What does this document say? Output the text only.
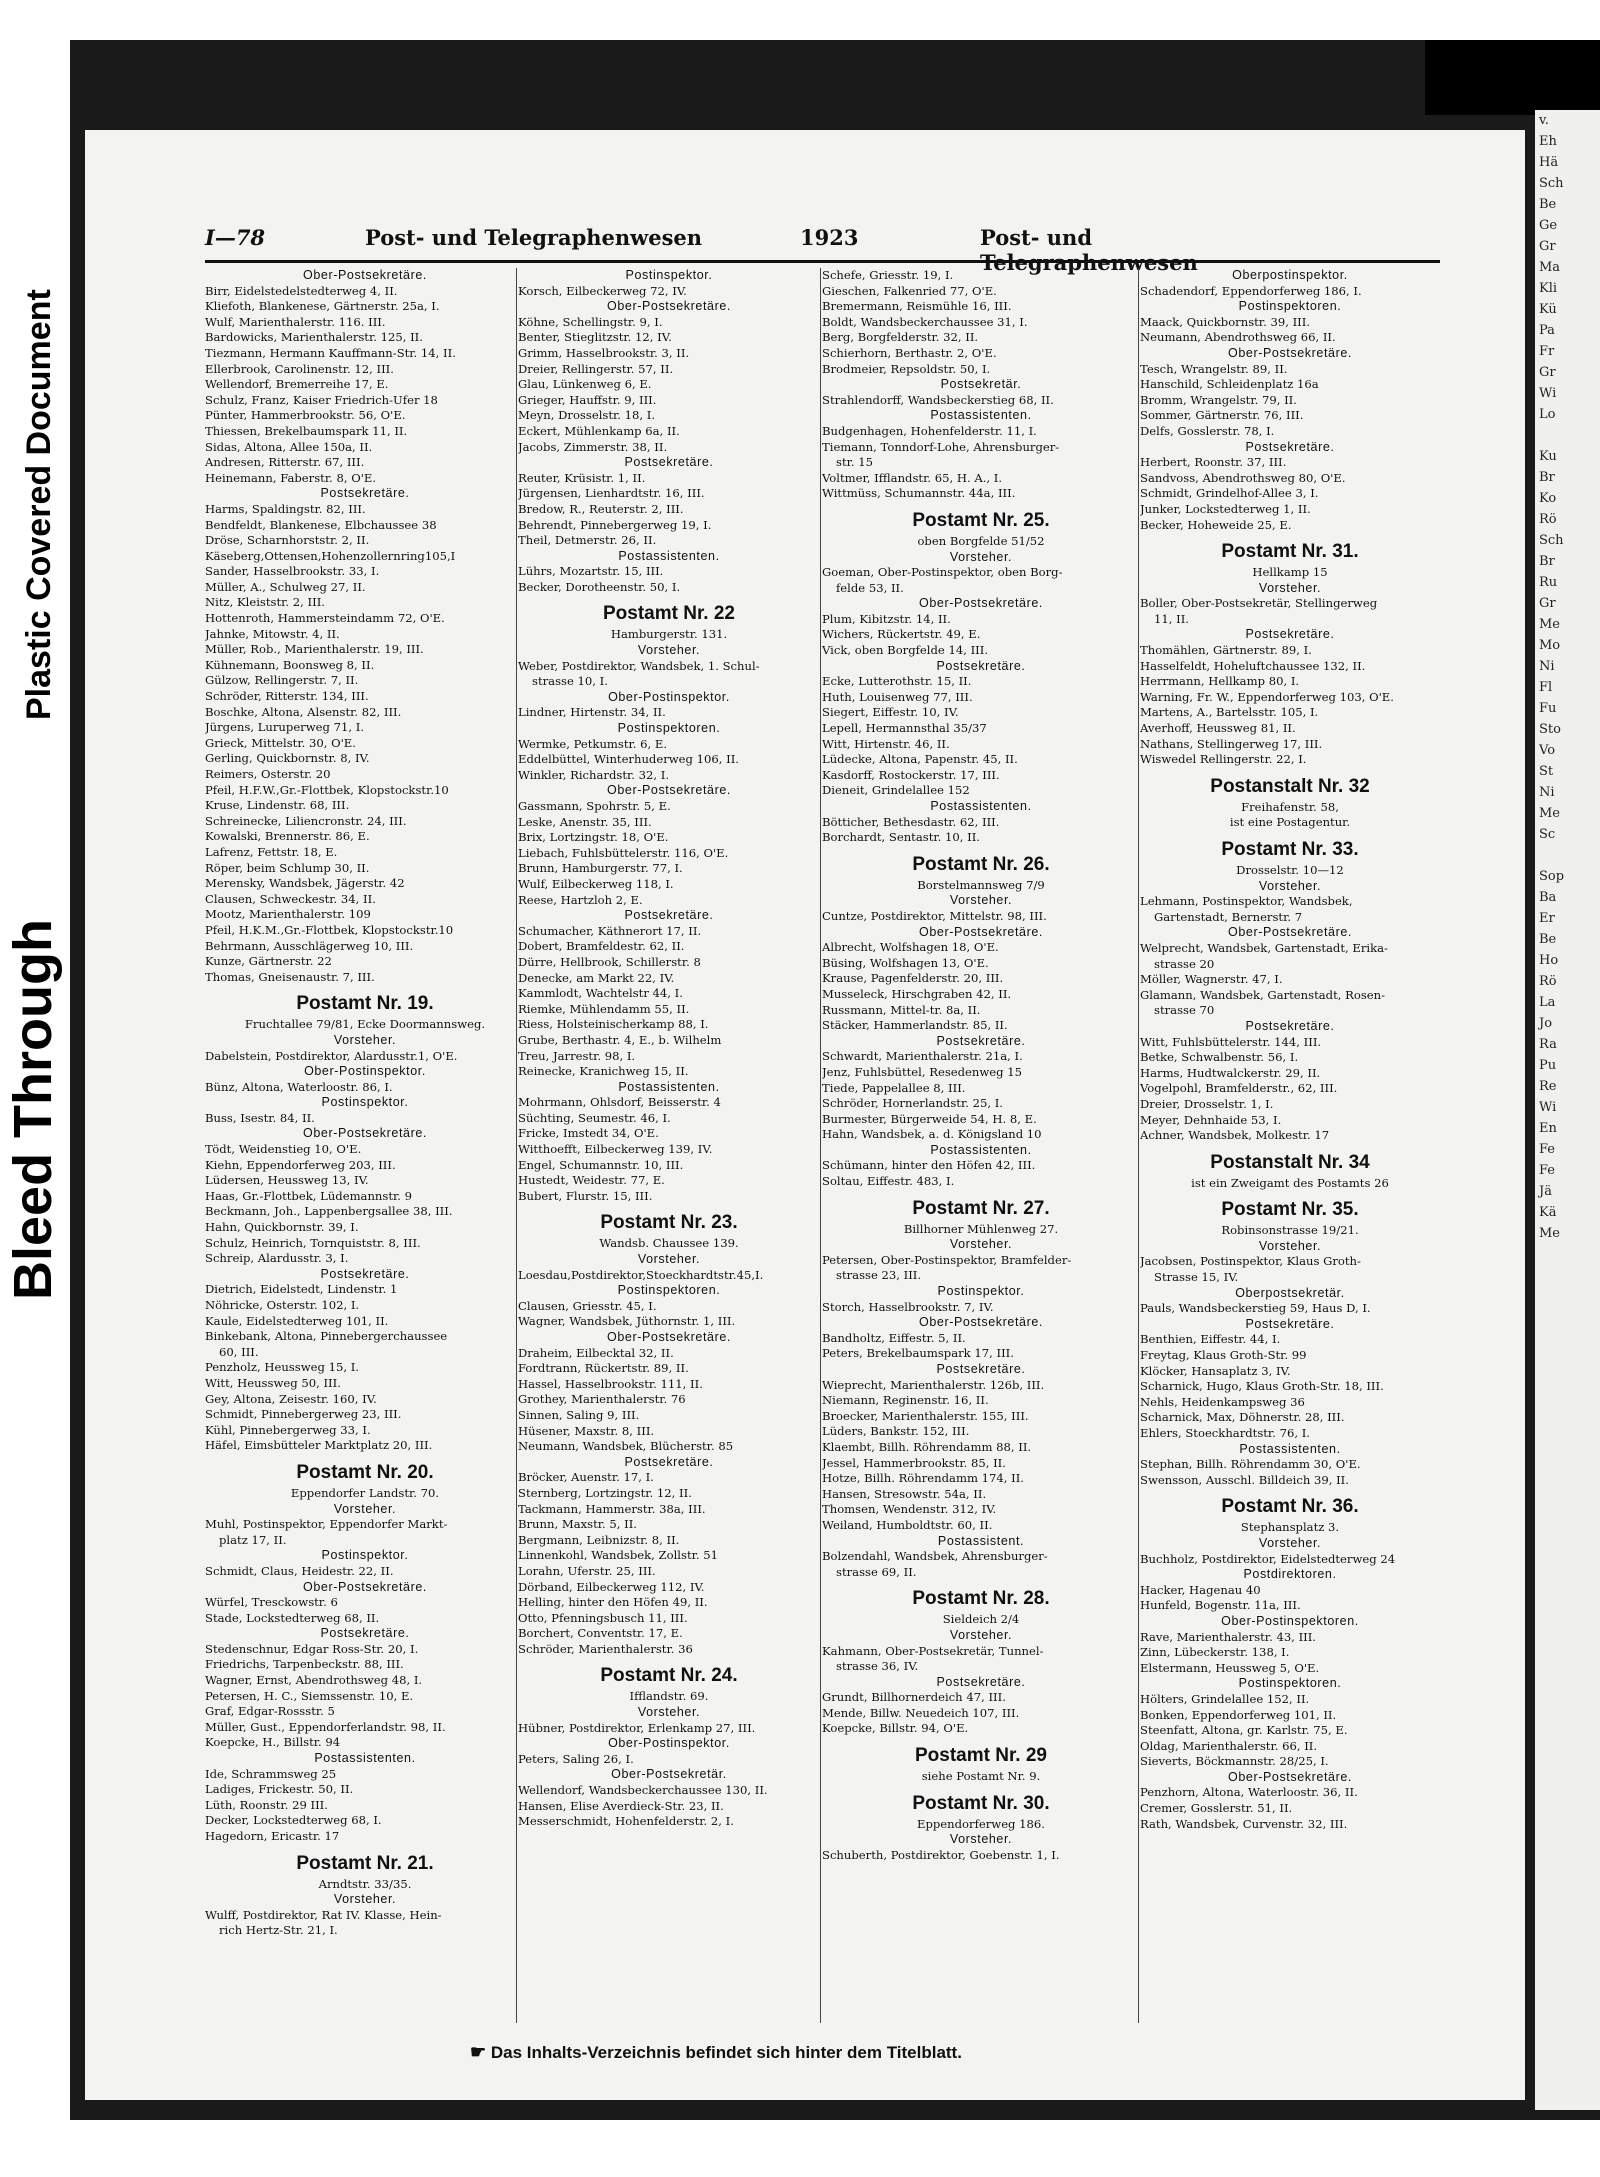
Plastic Covered Document
Bleed Through
v.
Eh
Hä
Sch
Be
Ge
Gr
Ma
Kli
Kü
Pa
Fr
Gr
Wi
Lo

Ku
Br
Ko
Rö
Sch
Br
Ru
Gr
Me
Mo
Ni
Fl
Fu
Sto
Vo
St
Ni
Me
Sc

Sop
Ba
Er
Be
Ho
Rö
La
Jo
Ra
Pu
Re
Wi
En
Fe
Fe
Jä
Kä
Me
I—78	Post- und Telegraphenwesen	1923	Post- und
Ober-Postsekretäre.
Birr, Eidelstedelstedterweg 4, II.
Kliefoth, Blankenese, Gärtnerstr. 25a, I.
Wulf, Marienthalerstr. 116. III.
Bardowicks, Marienthalerstr. 125, II.
Tiezmann, Hermann Kauffmann-Str. 14, II.
Ellerbrook, Carolinenstr. 12, III.
Wellendorf, Bremerreihe 17, E.
Schulz, Franz, Kaiser Friedrich-Ufer 18
Pünter, Hammerbrookstr. 56, O'E.
Thiessen, Brekelbaumspark 11, II.
Sidas, Altona, Allee 150a, II.
Andresen, Ritterstr. 67, III.
Heinemann, Faberstr. 8, O'E.
Postsekretäre.
Harms, Spaldingstr. 82, III.
Bendfeldt, Blankenese, Elbchaussee 38
Dröse, Scharnhorststr. 2, II.
Käseberg,Ottensen,Hohenzollernring105,I
Sander, Hasselbrookstr. 33, I.
Müller, A., Schulweg 27, II.
Nitz, Kleiststr. 2, III.
Hottenroth, Hammersteindamm 72, O'E.
Jahnke, Mitowstr. 4, II.
Müller, Rob., Marienthalerstr. 19, III.
Kühnemann, Boonsweg 8, II.
Gülzow, Rellingerstr. 7, II.
Schröder, Ritterstr. 134, III.
Boschke, Altona, Alsenstr. 82, III.
Jürgens, Luruperweg 71, I.
Grieck, Mittelstr. 30, O'E.
Gerling, Quickbornstr. 8, IV.
Reimers, Osterstr. 20
Pfeil, H.F.W.,Gr.-Flottbek, Klopstockstr.10
Kruse, Lindenstr. 68, III.
Schreinecke, Liliencronstr. 24, III.
Kowalski, Brennerstr. 86, E.
Lafrenz, Fettstr. 18, E.
Röper, beim Schlump 30, II.
Merensky, Wandsbek, Jägerstr. 42
Clausen, Schweckestr. 34, II.
Mootz, Marienthalerstr. 109
Pfeil, H.K.M.,Gr.-Flottbek, Klopstockstr.10
Behrmann, Ausschlägerweg 10, III.
Kunze, Gärtnerstr. 22
Thomas, Gneisenaustr. 7, III.
Postamt Nr. 19.
Fruchtallee 79/81, Ecke Doormannsweg.
Vorsteher.
Dabelstein, Postdirektor, Alardusstr.1, O'E.
Ober-Postinspektor.
Bünz, Altona, Waterloostr. 86, I.
Postinspektor.
Buss, Isestr. 84, II.
Ober-Postsekretäre.
Tödt, Weidenstieg 10, O'E.
Kiehn, Eppendorferweg 203, III.
Lüdersen, Heussweg 13, IV.
Haas, Gr.-Flottbek, Lüdemannstr. 9
Beckmann, Joh., Lappenbergsallee 38, III.
Hahn, Quickbornstr. 39, I.
Schulz, Heinrich, Tornquiststr. 8, III.
Schreip, Alardusstr. 3, I.
Postsekretäre.
Dietrich, Eidelstedt, Lindenstr. 1
Nöhricke, Osterstr. 102, I.
Kaule, Eidelstedterweg 101, II.
Binkebank, Altona, Pinnebergerchaussee
60, III.
Penzholz, Heussweg 15, I.
Witt, Heussweg 50, III.
Gey, Altona, Zeisestr. 160, IV.
Schmidt, Pinnebergerweg 23, III.
Kühl, Pinnebergerweg 33, I.
Häfel, Eimsbütteler Marktplatz 20, III.
Postamt Nr. 20.
Eppendorfer Landstr. 70.
Vorsteher.
Muhl, Postinspektor, Eppendorfer Markt-
platz 17, II.
Postinspektor.
Schmidt, Claus, Heidestr. 22, II.
Ober-Postsekretäre.
Würfel, Tresckowstr. 6
Stade, Lockstedterweg 68, II.
Postsekretäre.
Stedenschnur, Edgar Ross-Str. 20, I.
Friedrichs, Tarpenbeckstr. 88, III.
Wagner, Ernst, Abendrothsweg 48, I.
Petersen, H. C., Siemssenstr. 10, E.
Graf, Edgar-Rossstr. 5
Müller, Gust., Eppendorferlandstr. 98, II.
Koepcke, H., Billstr. 94
Postassistenten.
Ide, Schrammsweg 25
Ladiges, Frickestr. 50, II.
Lüth, Roonstr. 29 III.
Decker, Lockstedterweg 68, I.
Hagedorn, Ericastr. 17
Postamt Nr. 21.
Arndtstr. 33/35.
Vorsteher.
Wulff, Postdirektor, Rat IV. Klasse, Hein-
rich Hertz-Str. 21, I.
Postinspektor.
Korsch, Eilbeckerweg 72, IV.
Ober-Postsekretäre.
Köhne, Schellingstr. 9, I.
Benter, Stieglitzstr. 12, IV.
Grimm, Hasselbrookstr. 3, II.
Dreier, Rellingerstr. 57, II.
Glau, Lünkenweg 6, E.
Grieger, Hauffstr. 9, III.
Meyn, Drosselstr. 18, I.
Eckert, Mühlenkamp 6a, II.
Jacobs, Zimmerstr. 38, II.
Postsekretäre.
Reuter, Krüsistr. 1, II.
Jürgensen, Lienhardtstr. 16, III.
Bredow, R., Reuterstr. 2, III.
Behrendt, Pinnebergerweg 19, I.
Theil, Detmerstr. 26, II.
Postassistenten.
Lührs, Mozartstr. 15, III.
Becker, Dorotheenstr. 50, I.
Postamt Nr. 22
Hamburgerstr. 131.
Vorsteher.
Weber, Postdirektor, Wandsbek, 1. Schul-
strasse 10, I.
Ober-Postinspektor.
Lindner, Hirtenstr. 34, II.
Postinspektoren.
Wermke, Petkumstr. 6, E.
Eddelbüttel, Winterhuderweg 106, II.
Winkler, Richardstr. 32, I.
Ober-Postsekretäre.
Gassmann, Spohrstr. 5, E.
Leske, Anenstr. 35, III.
Brix, Lortzingstr. 18, O'E.
Liebach, Fuhlsbüttelerstr. 116, O'E.
Brunn, Hamburgerstr. 77, I.
Wulf, Eilbeckerweg 118, I.
Reese, Hartzloh 2, E.
Postsekretäre.
Schumacher, Käthnerort 17, II.
Dobert, Bramfeldestr. 62, II.
Dürre, Hellbrook, Schillerstr. 8
Denecke, am Markt 22, IV.
Kammlodt, Wachtelstr 44, I.
Riemke, Mühlendamm 55, II.
Riess, Holsteinischerkamp 88, I.
Grube, Berthastr. 4, E., b. Wilhelm
Treu, Jarrestr. 98, I.
Reinecke, Kranichweg 15, II.
Postassistenten.
Mohrmann, Ohlsdorf, Beisserstr. 4
Süchting, Seumestr. 46, I.
Fricke, Imstedt 34, O'E.
Witthoefft, Eilbeckerweg 139, IV.
Engel, Schumannstr. 10, III.
Hustedt, Weidestr. 77, E.
Bubert, Flurstr. 15, III.
Postamt Nr. 23.
Wandsb. Chaussee 139.
Vorsteher.
Loesdau,Postdirektor,Stoeckhardtstr.45,I.
Postinspektoren.
Clausen, Griesstr. 45, I.
Wagner, Wandsbek, Jüthornstr. 1, III.
Ober-Postsekretäre.
Draheim, Eilbecktal 32, II.
Fordtrann, Rückertstr. 89, II.
Hassel, Hasselbrookstr. 111, II.
Grothey, Marienthalerstr. 76
Sinnen, Saling 9, III.
Hüsener, Maxstr. 8, III.
Neumann, Wandsbek, Blücherstr. 85
Postsekretäre.
Bröcker, Auenstr. 17, I.
Sternberg, Lortzingstr. 12, II.
Tackmann, Hammerstr. 38a, III.
Brunn, Maxstr. 5, II.
Bergmann, Leibnizstr. 8, II.
Linnenkohl, Wandsbek, Zollstr. 51
Lorahn, Uferstr. 25, III.
Dörband, Eilbeckerweg 112, IV.
Helling, hinter den Höfen 49, II.
Otto, Pfenningsbusch 11, III.
Borchert, Conventstr. 17, E.
Schröder, Marienthalerstr. 36
Postamt Nr. 24.
Ifflandstr. 69.
Vorsteher.
Hübner, Postdirektor, Erlenkamp 27, III.
Ober-Postinspektor.
Peters, Saling 26, I.
Ober-Postsekretär.
Wellendorf, Wandsbeckerchaussee 130, II.
Hansen, Elise Averdieck-Str. 23, II.
Messerschmidt, Hohenfelderstr. 2, I.
Schefe, Griesstr. 19, I.
Gieschen, Falkenried 77, O'E.
Bremermann, Reismühle 16, III.
Boldt, Wandsbeckerchaussee 31, I.
Berg, Borgfelderstr. 32, II.
Schierhorn, Berthastr. 2, O'E.
Brodmeier, Repsoldstr. 50, I.
Postsekretär.
Strahlendorff, Wandsbeckerstieg 68, II.
Postassistenten.
Budgenhagen, Hohenfelderstr. 11, I.
Tiemann, Tonndorf-Lohe, Ahrensburger-
str. 15
Voltmer, Ifflandstr. 65, H. A., I.
Wittmüss, Schumannstr. 44a, III.
Postamt Nr. 25.
oben Borgfelde 51/52
Vorsteher.
Goeman, Ober-Postinspektor, oben Borg-
felde 53, II.
Ober-Postsekretäre.
Plum, Kibitzstr. 14, II.
Wichers, Rückertstr. 49, E.
Vick, oben Borgfelde 14, III.
Postsekretäre.
Ecke, Lutterothstr. 15, II.
Huth, Louisenweg 77, III.
Siegert, Eiffestr. 10, IV.
Lepell, Hermannsthal 35/37
Witt, Hirtenstr. 46, II.
Lüdecke, Altona, Papenstr. 45, II.
Kasdorff, Rostockerstr. 17, III.
Dieneit, Grindelallee 152
Postassistenten.
Bötticher, Bethesdastr. 62, III.
Borchardt, Sentastr. 10, II.
Postamt Nr. 26.
Borstelmannsweg 7/9
Vorsteher.
Cuntze, Postdirektor, Mittelstr. 98, III.
Ober-Postsekretäre.
Albrecht, Wolfshagen 18, O'E.
Büsing, Wolfshagen 13, O'E.
Krause, Pagenfelderstr. 20, III.
Musseleck, Hirschgraben 42, II.
Russmann, Mittel-tr. 8a, II.
Stäcker, Hammerlandstr. 85, II.
Postsekretäre.
Schwardt, Marienthalerstr. 21a, I.
Jenz, Fuhlsbüttel, Resedenweg 15
Tiede, Pappelallee 8, III.
Schröder, Hornerlandstr. 25, I.
Burmester, Bürgerweide 54, H. 8, E.
Hahn, Wandsbek, a. d. Königsland 10
Postassistenten.
Schümann, hinter den Höfen 42, III.
Soltau, Eiffestr. 483, I.
Postamt Nr. 27.
Billhorner Mühlenweg 27.
Vorsteher.
Petersen, Ober-Postinspektor, Bramfelder-
strasse 23, III.
Postinspektor.
Storch, Hasselbrookstr. 7, IV.
Ober-Postsekretäre.
Bandholtz, Eiffestr. 5, II.
Peters, Brekelbaumspark 17, III.
Postsekretäre.
Wieprecht, Marienthalerstr. 126b, III.
Niemann, Reginenstr. 16, II.
Broecker, Marienthalerstr. 155, III.
Lüders, Bankstr. 152, III.
Klaembt, Billh. Röhrendamm 88, II.
Jessel, Hammerbrookstr. 85, II.
Hotze, Billh. Röhrendamm 174, II.
Hansen, Stresowstr. 54a, II.
Thomsen, Wendenstr. 312, IV.
Weiland, Humboldtstr. 60, II.
Postassistent.
Bolzendahl, Wandsbek, Ahrensburger-
strasse 69, II.
Postamt Nr. 28.
Sieldeich 2/4
Vorsteher.
Kahmann, Ober-Postsekretär, Tunnel-
strasse 36, IV.
Postsekretäre.
Grundt, Billhornerdeich 47, III.
Mende, Billw. Neuedeich 107, III.
Koepcke, Billstr. 94, O'E.
Postamt Nr. 29
siehe Postamt Nr. 9.
Postamt Nr. 30.
Eppendorferweg 186.
Vorsteher.
Schuberth, Postdirektor, Goebenstr. 1, I.
Oberpostinspektor.
Schadendorf, Eppendorferweg 186, I.
Postinspektoren.
Maack, Quickbornstr. 39, III.
Neumann, Abendrothsweg 66, II.
Ober-Postsekretäre.
Tesch, Wrangelstr. 89, II.
Hanschild, Schleidenplatz 16a
Bromm, Wrangelstr. 79, II.
Sommer, Gärtnerstr. 76, III.
Delfs, Gosslerstr. 78, I.
Postsekretäre.
Herbert, Roonstr. 37, III.
Sandvoss, Abendrothsweg 80, O'E.
Schmidt, Grindelhof-Allee 3, I.
Junker, Lockstedterweg 1, II.
Becker, Hoheweide 25, E.
Postamt Nr. 31.
Hellkamp 15
Vorsteher.
Boller, Ober-Postsekretär, Stellingerweg
11, II.
Postsekretäre.
Thomählen, Gärtnerstr. 89, I.
Hasselfeldt, Hoheluftchaussee 132, II.
Herrmann, Hellkamp 80, I.
Warning, Fr. W., Eppendorferweg 103, O'E.
Martens, A., Bartelsstr. 105, I.
Averhoff, Heussweg 81, II.
Nathans, Stellingerweg 17, III.
Wiswedel Rellingerstr. 22, I.
Postanstalt Nr. 32
Freihafenstr. 58,
ist eine Postagentur.
Postamt Nr. 33.
Drosselstr. 10—12
Vorsteher.
Lehmann, Postinspektor, Wandsbek,
Gartenstadt, Bernerstr. 7
Ober-Postsekretäre.
Welprecht, Wandsbek, Gartenstadt, Erika-
strasse 20
Möller, Wagnerstr. 47, I.
Glamann, Wandsbek, Gartenstadt, Rosen-
strasse 70
Postsekretäre.
Witt, Fuhlsbüttelerstr. 144, III.
Betke, Schwalbenstr. 56, I.
Harms, Hudtwalckerstr. 29, II.
Vogelpohl, Bramfelderstr., 62, III.
Dreier, Drosselstr. 1, I.
Meyer, Dehnhaide 53, I.
Achner, Wandsbek, Molkestr. 17
Postanstalt Nr. 34
ist ein Zweigamt des Postamts 26
Postamt Nr. 35.
Robinsonstrasse 19/21.
Vorsteher.
Jacobsen, Postinspektor, Klaus Groth-
Strasse 15, IV.
Oberpostsekretär.
Pauls, Wandsbeckerstieg 59, Haus D, I.
Postsekretäre.
Benthien, Eiffestr. 44, I.
Freytag, Klaus Groth-Str. 99
Klöcker, Hansaplatz 3, IV.
Scharnick, Hugo, Klaus Groth-Str. 18, III.
Nehls, Heidenkampsweg 36
Scharnick, Max, Döhnerstr. 28, III.
Ehlers, Stoeckhardtstr. 76, I.
Postassistenten.
Stephan, Billh. Röhrendamm 30, O'E.
Swensson, Ausschl. Billdeich 39, II.
Postamt Nr. 36.
Stephansplatz 3.
Vorsteher.
Buchholz, Postdirektor, Eidelstedterweg 24
Postdirektoren.
Hacker, Hagenau 40
Hunfeld, Bogenstr. 11a, III.
Ober-Postinspektoren.
Rave, Marienthalerstr. 43, III.
Zinn, Lübeckerstr. 138, I.
Elstermann, Heussweg 5, O'E.
Postinspektoren.
Hölters, Grindelallee 152, II.
Bonken, Eppendorferweg 101, II.
Steenfatt, Altona, gr. Karlstr. 75, E.
Oldag, Marienthalerstr. 66, II.
Sieverts, Böckmannstr. 28/25, I.
Ober-Postsekretäre.
Penzhorn, Altona, Waterloostr. 36, II.
Cremer, Gosslerstr. 51, II.
Rath, Wandsbek, Curvenstr. 32, III.
☛ Das Inhalts-Verzeichnis befindet sich hinter dem Titelblatt.
